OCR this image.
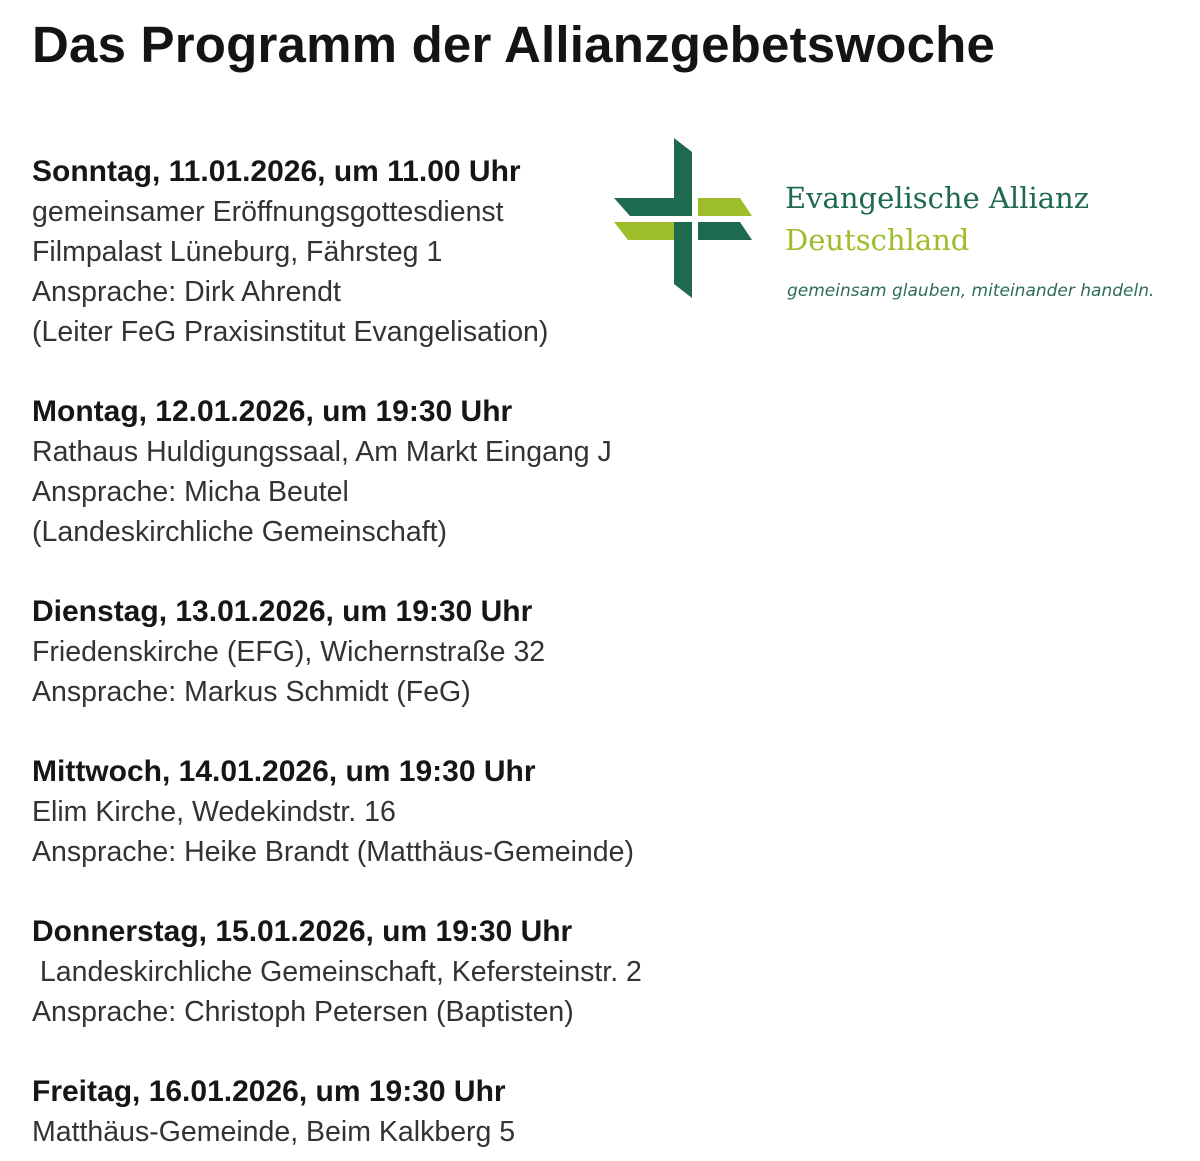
Das Programm der Allianzgebetswoche
Evangelische Allianz
Deutschland
gemeinsam glauben, miteinander handeln.
Sonntag, 11.01.2026, um 11.00 Uhr
gemeinsamer Eröffnungsgottesdienst
Filmpalast Lüneburg, Fährsteg 1
Ansprache: Dirk Ahrendt
(Leiter FeG Praxisinstitut Evangelisation)
Montag, 12.01.2026, um 19:30 Uhr
Rathaus Huldigungssaal, Am Markt Eingang J
Ansprache: Micha Beutel
(Landeskirchliche Gemeinschaft)
Dienstag, 13.01.2026, um 19:30 Uhr
Friedenskirche (EFG), Wichernstraße 32
Ansprache: Markus Schmidt (FeG)
Mittwoch, 14.01.2026, um 19:30 Uhr
Elim Kirche, Wedekindstr. 16
Ansprache: Heike Brandt (Matthäus-Gemeinde)
Donnerstag, 15.01.2026, um 19:30 Uhr
Landeskirchliche Gemeinschaft, Kefersteinstr. 2
Ansprache: Christoph Petersen (Baptisten)
Freitag, 16.01.2026, um 19:30 Uhr
Matthäus-Gemeinde, Beim Kalkberg 5
